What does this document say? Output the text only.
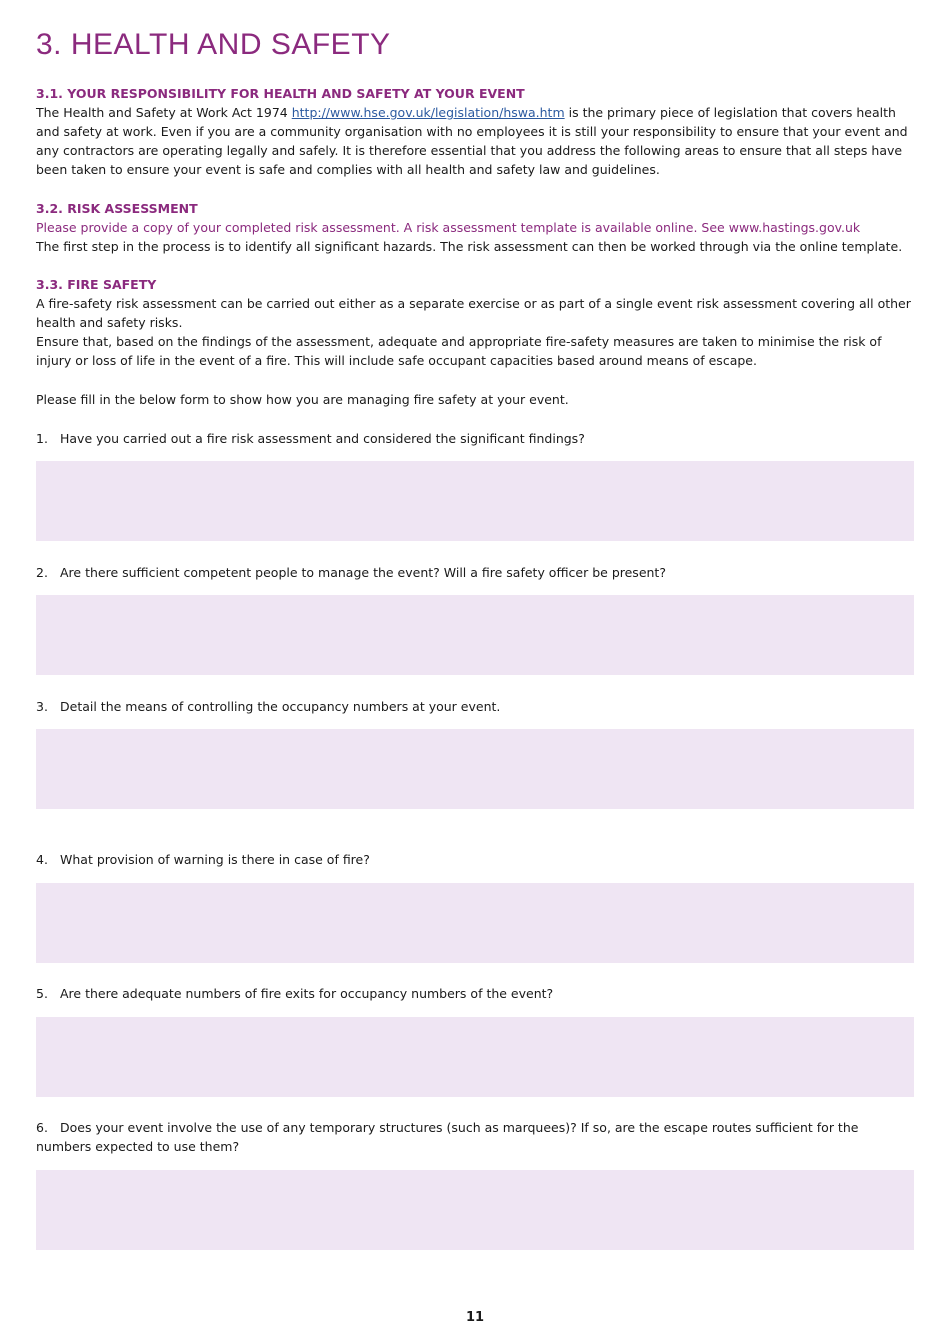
3. HEALTH AND SAFETY

3.1. YOUR RESPONSIBILITY FOR HEALTH AND SAFETY AT YOUR EVENT

The Health and Safety at Work Act 1974 http://www.hse.gov.uk/legislation/hswa.htm is the primary piece of legislation that covers health and safety at work. Even if you are a community organisation with no employees it is still your responsibility to ensure that your event and any contractors are operating legally and safely. It is therefore essential that you address the following areas to ensure that all steps have been taken to ensure your event is safe and complies with all health and safety law and guidelines.

3.2. RISK ASSESSMENT

Please provide a copy of your completed risk assessment. A risk assessment template is available online. See www.hastings.gov.uk

The first step in the process is to identify all significant hazards. The risk assessment can then be worked through via the online template.

3.3. FIRE SAFETY

A fire-safety risk assessment can be carried out either as a separate exercise or as part of a single event risk assessment covering all other health and safety risks.

Ensure that, based on the findings of the assessment, adequate and appropriate fire-safety measures are taken to minimise the risk of injury or loss of life in the event of a fire. This will include safe occupant capacities based around means of escape.

Please fill in the below form to show how you are managing fire safety at your event.

1. Have you carried out a fire risk assessment and considered the significant findings?
2. Are there sufficient competent people to manage the event? Will a fire safety officer be present?
3. Detail the means of controlling the occupancy numbers at your event.
4. What provision of warning is there in case of fire?
5. Are there adequate numbers of fire exits for occupancy numbers of the event?
6. Does your event involve the use of any temporary structures (such as marquees)? If so, are the escape routes sufficient for the numbers expected to use them?
11
